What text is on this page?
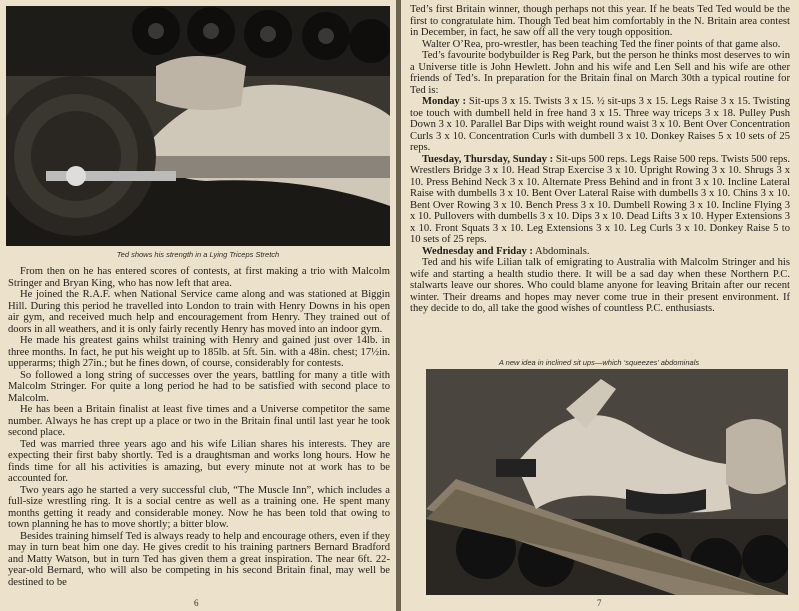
Ted shows his strength in a Lying Triceps Stretch

From then on he has entered scores of contests, at first making a trio with Malcolm Stringer and Bryan King, who has now left that area.

He joined the R.A.F. when National Service came along and was stationed at Biggin Hill. During this period he travelled into London to train with Henry Downs in his open air gym, and received much help and encouragement from Henry. They trained out of doors in all weathers, and it is only fairly recently Henry has moved into an indoor gym.

He made his greatest gains whilst training with Henry and gained just over 14lb. in three months. In fact, he put his weight up to 185lb. at 5ft. 5in. with a 48in. chest; 17½in. upperarms; thigh 27in.; but he fines down, of course, considerably for contests.

So followed a long string of successes over the years, battling for many a title with Malcolm Stringer. For quite a long period he had to be satisfied with second place to Malcolm.

He has been a Britain finalist at least five times and a Universe competitor the same number. Always he has crept up a place or two in the Britain final until last year he took second place.

Ted was married three years ago and his wife Lilian shares his interests. They are expecting their first baby shortly. Ted is a draughtsman and works long hours. How he finds time for all his activities is amazing, but every minute not at work has to be accounted for.

Two years ago he started a very successful club, “The Muscle Inn”, which includes a full-size wrestling ring. It is a social centre as well as a training one. He spent many months getting it ready and considerable money. Now he has been told that owing to town planning he has to move shortly; a bitter blow.

Besides training himself Ted is always ready to help and encourage others, even if they may in turn beat him one day. He gives credit to his training partners Bernard Bradford and Matty Watson, but in turn Ted has given them a great inspiration. The near 6ft. 22-year-old Bernard, who will also be competing in his second Britain final, may well be destined to be

6

Ted’s first Britain winner, though perhaps not this year. If he beats Ted Ted would be the first to congratulate him. Though Ted beat him comfortably in the N. Britain area contest in December, in fact, he saw off all the very tough opposition.

Walter O’Rea, pro-wrestler, has been teaching Ted the finer points of that game also.

Ted’s favourite bodybuilder is Reg Park, but the person he thinks most deserves to win a Universe title is John Hewlett. John and his wife and Len Sell and his wife are other friends of Ted’s. In preparation for the Britain final on March 30th a typical routine for Ted is:

Monday : Sit-ups 3 x 15. Twists 3 x 15. ½ sit-ups 3 x 15. Legs Raise 3 x 15. Twisting toe touch with dumbell held in free hand 3 x 15. Three way triceps 3 x 18. Pulley Push Down 3 x 10. Parallel Bar Dips with weight round waist 3 x 10. Bent Over Concentration Curls 3 x 10. Concentration Curls with dumbell 3 x 10. Donkey Raises 5 x 10 sets of 25 reps.

Tuesday, Thursday, Sunday : Sit-ups 500 reps. Legs Raise 500 reps. Twists 500 reps. Wrestlers Bridge 3 x 10. Head Strap Exercise 3 x 10. Upright Rowing 3 x 10. Shrugs 3 x 10. Press Behind Neck 3 x 10. Alternate Press Behind and in front 3 x 10. Incline Lateral Raise with dumbells 3 x 10. Bent Over Lateral Raise with dumbells 3 x 10. Chins 3 x 10. Bent Over Rowing 3 x 10. Bench Press 3 x 10. Dumbell Rowing 3 x 10. Incline Flying 3 x 10. Pullovers with dumbells 3 x 10. Dips 3 x 10. Dead Lifts 3 x 10. Hyper Extensions 3 x 10. Front Squats 3 x 10. Leg Extensions 3 x 10. Leg Curls 3 x 10. Donkey Raise 5 to 10 sets of 25 reps.

Wednesday and Friday : Abdominals.

Ted and his wife Lilian talk of emigrating to Australia with Malcolm Stringer and his wife and starting a health studio there. It will be a sad day when these Northern P.C. stalwarts leave our shores. Who could blame anyone for leaving Britain after our recent winter. Their dreams and hopes may never come true in their present environment. If they decide to do, all take the good wishes of countless P.C. enthusiasts.

A new idea in inclined sit ups—which ‘squeezes’ abdominals
7
